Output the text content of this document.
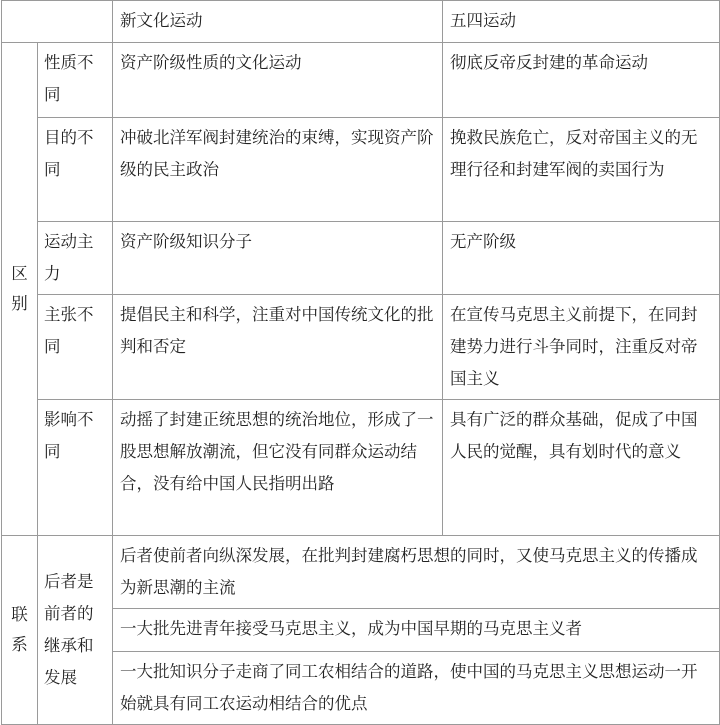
		新文化运动	五四运动
区别	性质不同	资产阶级性质的文化运动	彻底反帝反封建的革命运动
	目的不同	冲破北洋军阀封建统治的束缚，实现资产阶级的民主政治	挽救民族危亡，反对帝国主义的无理行径和封建军阀的卖国行为
	运动主力	资产阶级知识分子	无产阶级
	主张不同	提倡民主和科学，注重对中国传统文化的批判和否定	在宣传马克思主义前提下，在同封建势力进行斗争同时，注重反对帝国主义
	影响不同	动摇了封建正统思想的统治地位，形成了一股思想解放潮流，但它没有同群众运动结合，没有给中国人民指明出路	具有广泛的群众基础，促成了中国人民的觉醒，具有划时代的意义
联系	后者是前者的继承和发展	后者使前者向纵深发展，在批判封建腐朽思想的同时，又使马克思主义的传播成为新思潮的主流	
		一大批先进青年接受马克思主义，成为中国早期的马克思主义者	
		一大批知识分子走商了同工农相结合的道路，使中国的马克思主义思想运动一开始就具有同工农运动相结合的优点	
